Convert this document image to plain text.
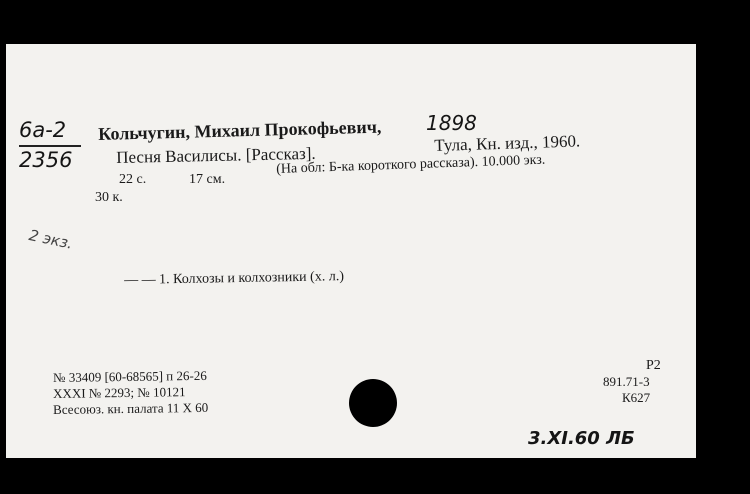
6а-2
2356
Кольчугин, Михаил Прокофьевич, 1898
Песня Василисы. [Рассказ].
Тула, Кн. изд., 1960.
22 с.	17 см.
(На обл: Б-ка короткого рассказа). 10.000 экз.
30 к.
2 экз.
— — 1. Колхозы и колхозники (х. л.)
№ 33409 [60-68565] п 26-26
XXXI № 2293; № 10121
Всесоюз. кн. палата 11 X 60
Р2
891.71-3
К627
3.XI.60 ЛБ
